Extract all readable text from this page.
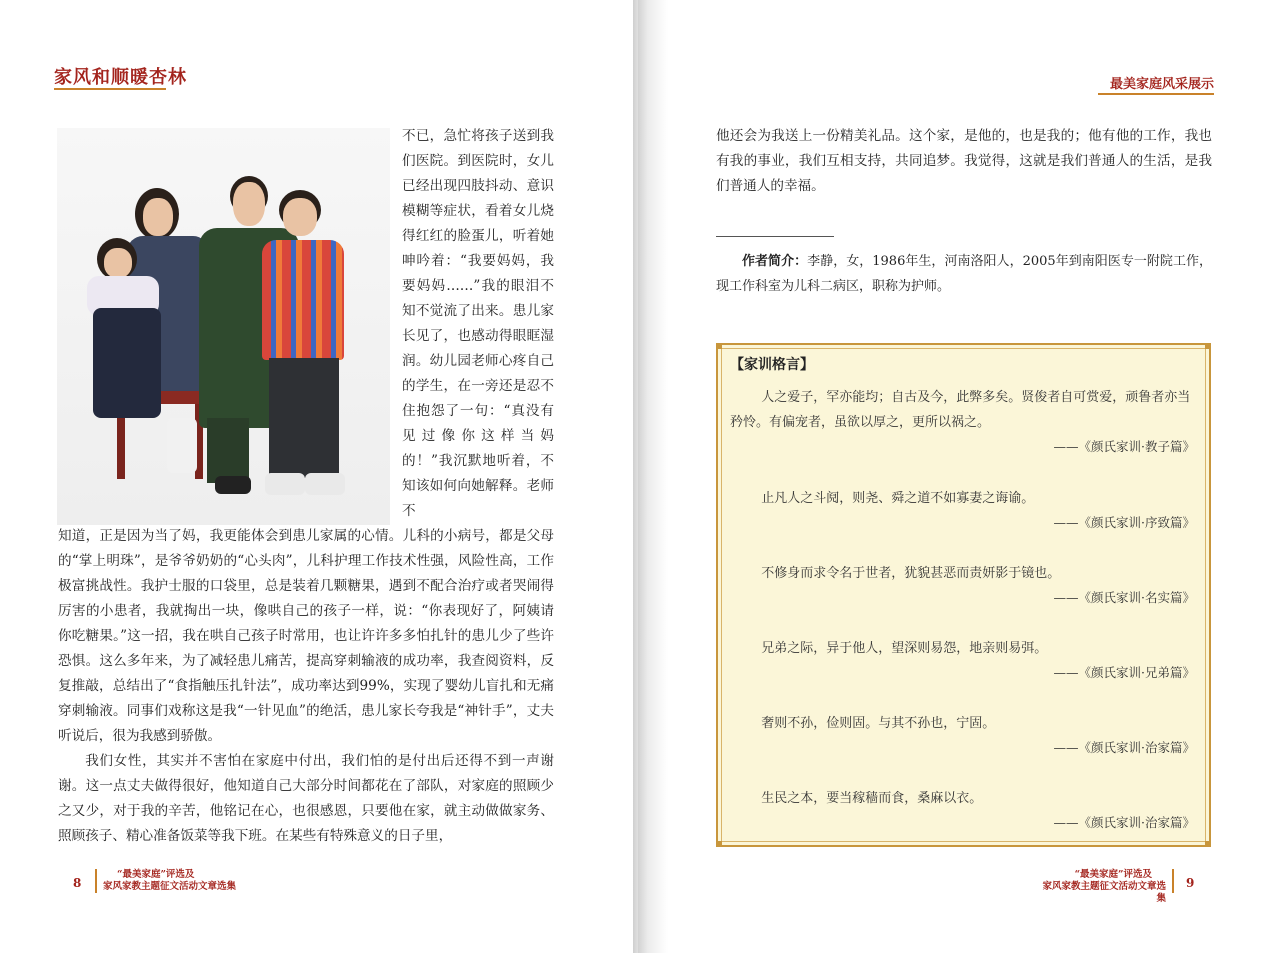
家风和顺暖杏林
不已，急忙将孩子送到我们医院。到医院时，女儿已经出现四肢抖动、意识模糊等症状，看着女儿烧得红红的脸蛋儿，听着她呻吟着：“我要妈妈，我要妈妈……”我的眼泪不知不觉流了出来。患儿家长见了，也感动得眼眶湿润。幼儿园老师心疼自己的学生，在一旁还是忍不住抱怨了一句：“真没有见过像你这样当妈的！”我沉默地听着，不知该如何向她解释。老师不

知道，正是因为当了妈，我更能体会到患儿家属的心情。儿科的小病号，都是父母的“掌上明珠”，是爷爷奶奶的“心头肉”，儿科护理工作技术性强，风险性高，工作极富挑战性。我护士服的口袋里，总是装着几颗糖果，遇到不配合治疗或者哭闹得厉害的小患者，我就掏出一块，像哄自己的孩子一样，说：“你表现好了，阿姨请你吃糖果。”这一招，我在哄自己孩子时常用，也让许许多多怕扎针的患儿少了些许恐惧。这么多年来，为了减轻患儿痛苦，提高穿刺输液的成功率，我查阅资料，反复推敲，总结出了“食指触压扎针法”，成功率达到99%，实现了婴幼儿盲扎和无痛穿刺输液。同事们戏称这是我“一针见血”的绝活，患儿家长夸我是“神针手”，丈夫听说后，很为我感到骄傲。

我们女性，其实并不害怕在家庭中付出，我们怕的是付出后还得不到一声谢谢。这一点丈夫做得很好，他知道自己大部分时间都花在了部队，对家庭的照顾少之又少，对于我的辛苦，他铭记在心，也很感恩，只要他在家，就主动做做家务、照顾孩子、精心准备饭菜等我下班。在某些有特殊意义的日子里，

8
“最美家庭”评选及
家风家教主题征文活动文章选集
最美家庭风采展示

他还会为我送上一份精美礼品。这个家，是他的，也是我的；他有他的工作，我也有我的事业，我们互相支持，共同追梦。我觉得，这就是我们普通人的生活，是我们普通人的幸福。

作者简介：李静，女，1986年生，河南洛阳人，2005年到南阳医专一附院工作，现工作科室为儿科二病区，职称为护师。

【家训格言】

人之爱子，罕亦能均；自古及今，此弊多矣。贤俊者自可赏爱，顽鲁者亦当矜怜。有偏宠者，虽欲以厚之，更所以祸之。

——《颜氏家训·教子篇》

止凡人之斗阋，则尧、舜之道不如寡妻之诲谕。

——《颜氏家训·序致篇》

不修身而求令名于世者，犹貌甚恶而责妍影于镜也。

——《颜氏家训·名实篇》

兄弟之际，异于他人，望深则易怨，地亲则易弭。

——《颜氏家训·兄弟篇》

奢则不孙，俭则固。与其不孙也，宁固。

——《颜氏家训·治家篇》

生民之本，要当稼穑而食，桑麻以衣。

——《颜氏家训·治家篇》
“最美家庭”评选及
家风家教主题征文活动文章选集
9
